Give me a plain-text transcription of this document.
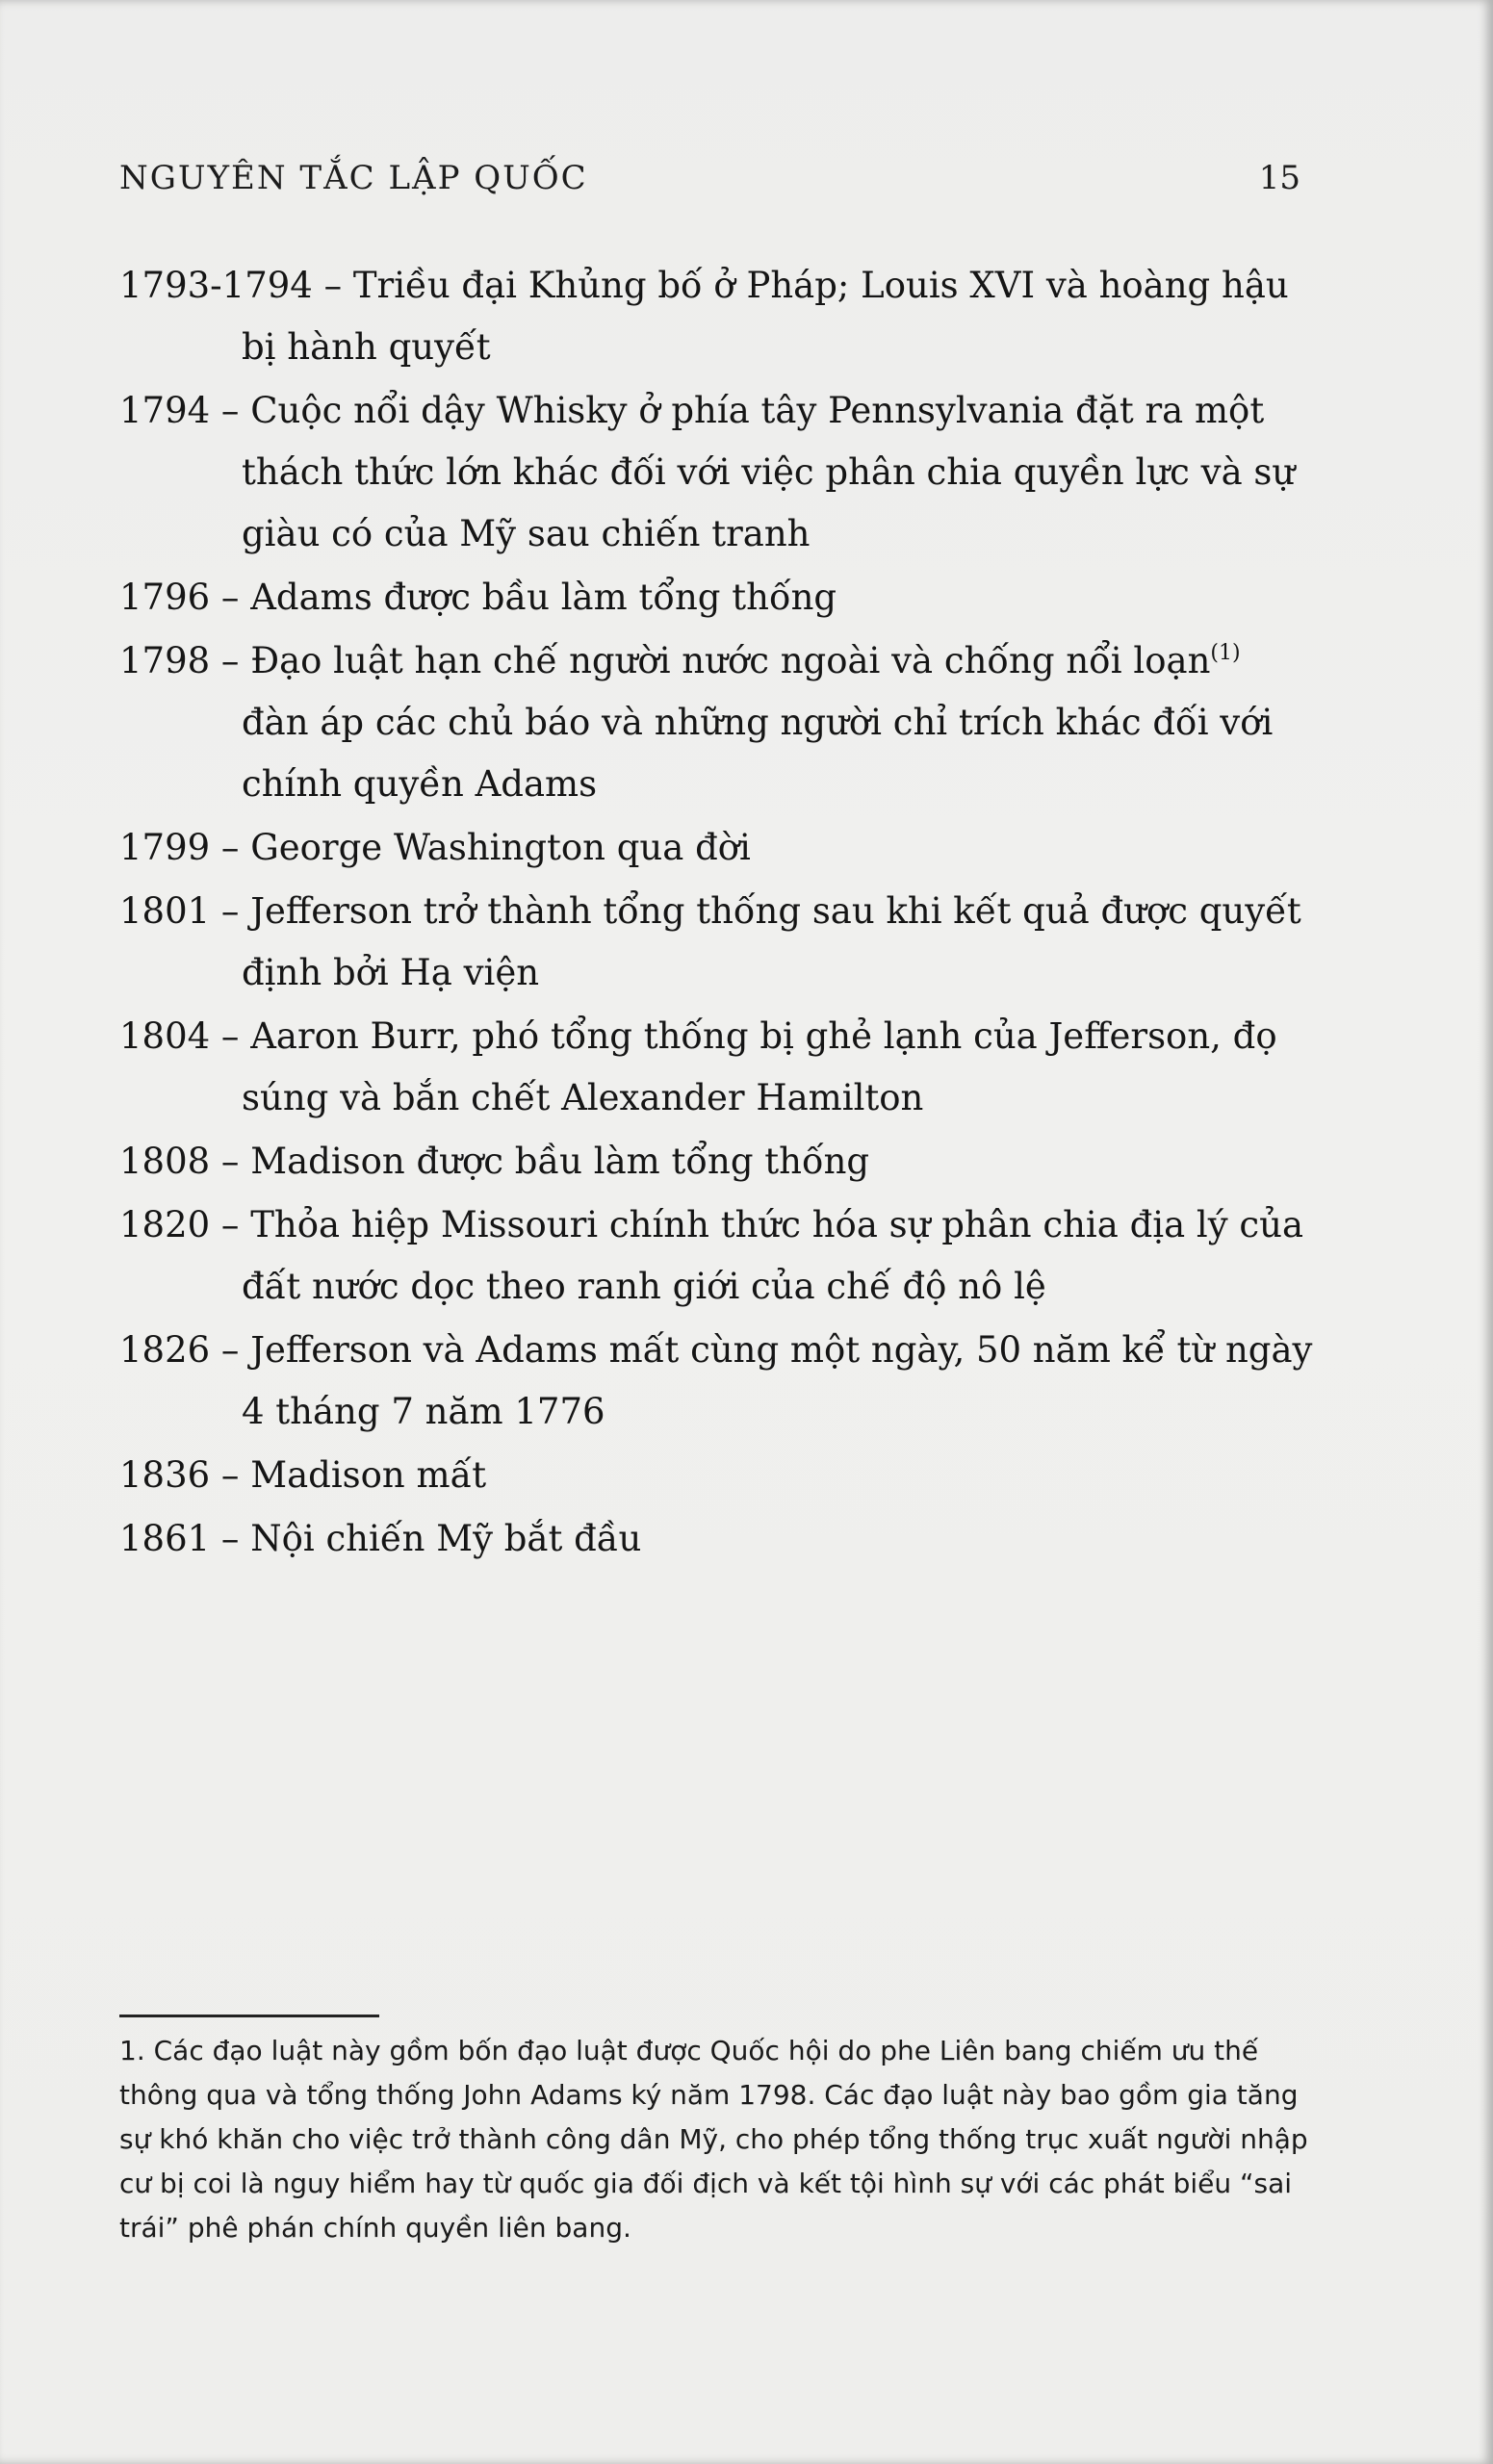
NGUYÊN TẮC LẬP QUỐC	15
1793-1794 – Triều đại Khủng bố ở Pháp; Louis XVI và hoàng hậu bị hành quyết
1794 – Cuộc nổi dậy Whisky ở phía tây Pennsylvania đặt ra một thách thức lớn khác đối với việc phân chia quyền lực và sự giàu có của Mỹ sau chiến tranh
1796 – Adams được bầu làm tổng thống
1798 – Đạo luật hạn chế người nước ngoài và chống nổi loạn$^{(1)}$ đàn áp các chủ báo và những người chỉ trích khác đối với chính quyền Adams
1799 – George Washington qua đời
1801 – Jefferson trở thành tổng thống sau khi kết quả được quyết định bởi Hạ viện
1804 – Aaron Burr, phó tổng thống bị ghẻ lạnh của Jefferson, đọ súng và bắn chết Alexander Hamilton
1808 – Madison được bầu làm tổng thống
1820 – Thỏa hiệp Missouri chính thức hóa sự phân chia địa lý của đất nước dọc theo ranh giới của chế độ nô lệ
1826 – Jefferson và Adams mất cùng một ngày, 50 năm kể từ ngày 4 tháng 7 năm 1776
1836 – Madison mất
1861 – Nội chiến Mỹ bắt đầu

1. Các đạo luật này gồm bốn đạo luật được Quốc hội do phe Liên bang chiếm ưu thế thông qua và tổng thống John Adams ký năm 1798. Các đạo luật này bao gồm gia tăng sự khó khăn cho việc trở thành công dân Mỹ, cho phép tổng thống trục xuất người nhập cư bị coi là nguy hiểm hay từ quốc gia đối địch và kết tội hình sự với các phát biểu “sai trái” phê phán chính quyền liên bang.
